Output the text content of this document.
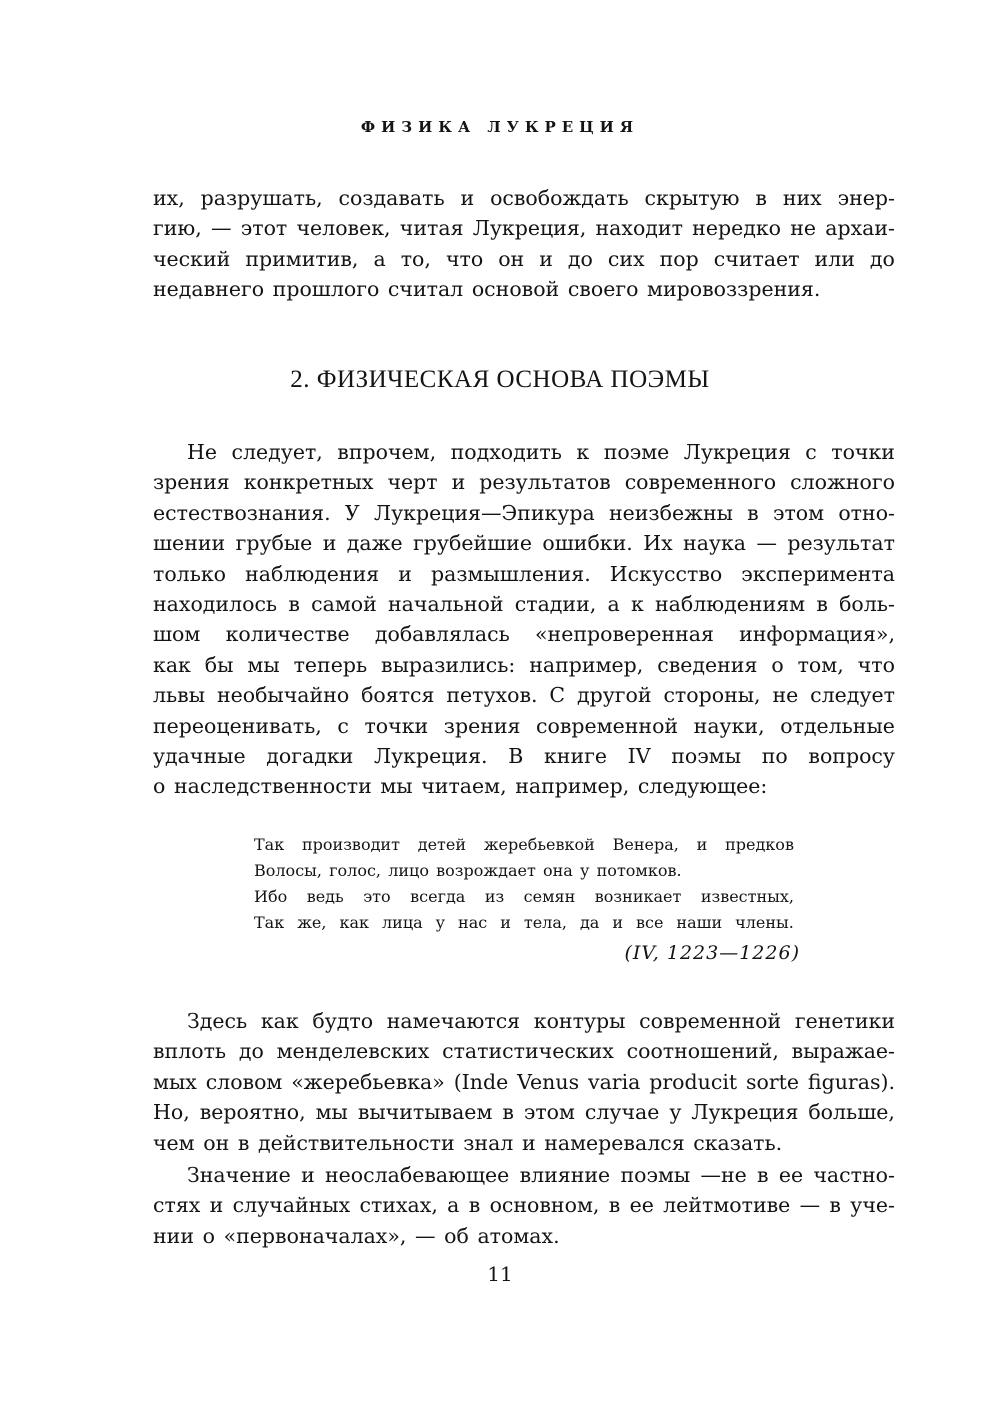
ФИЗИКА ЛУКРЕЦИЯ
их, разрушать, создавать и освобождать скрытую в них энер-
гию, — этот человек, читая Лукреция, находит нередко не архаи-
ческий примитив, а то, что он и до сих пор считает или до
недавнего прошлого считал основой своего мировоззрения.
2. ФИЗИЧЕСКАЯ ОСНОВА ПОЭМЫ
Не следует, впрочем, подходить к поэме Лукреция с точки
зрения конкретных черт и результатов современного сложного
естествознания. У Лукреция—Эпикура неизбежны в этом отно-
шении грубые и даже грубейшие ошибки. Их наука — результат
только наблюдения и размышления. Искусство эксперимента
находилось в самой начальной стадии, а к наблюдениям в боль-
шом количестве добавлялась «непроверенная информация»,
как бы мы теперь выразились: например, сведения о том, что
львы необычайно боятся петухов. С другой стороны, не следует
переоценивать, с точки зрения современной науки, отдельные
удачные догадки Лукреция. В книге IV поэмы по вопросу
о наследственности мы читаем, например, следующее:
Так производит детей жеребьевкой Венера, и предков
Волосы, голос, лицо возрождает она у потомков.
Ибо ведь это всегда из семян возникает известных,
Так же, как лица у нас и тела, да и все наши члены.
(IV, 1223—1226)
Здесь как будто намечаются контуры современной генетики
вплоть до менделевских статистических соотношений, выражае-
мых словом «жеребьевка» (Inde Venus varia producit sorte figuras).
Но, вероятно, мы вычитываем в этом случае у Лукреция больше,
чем он в действительности знал и намеревался сказать.
Значение и неослабевающее влияние поэмы —не в ее частно-
стях и случайных стихах, а в основном, в ее лейтмотиве — в уче-
нии о «первоначалах», — об атомах.
11
